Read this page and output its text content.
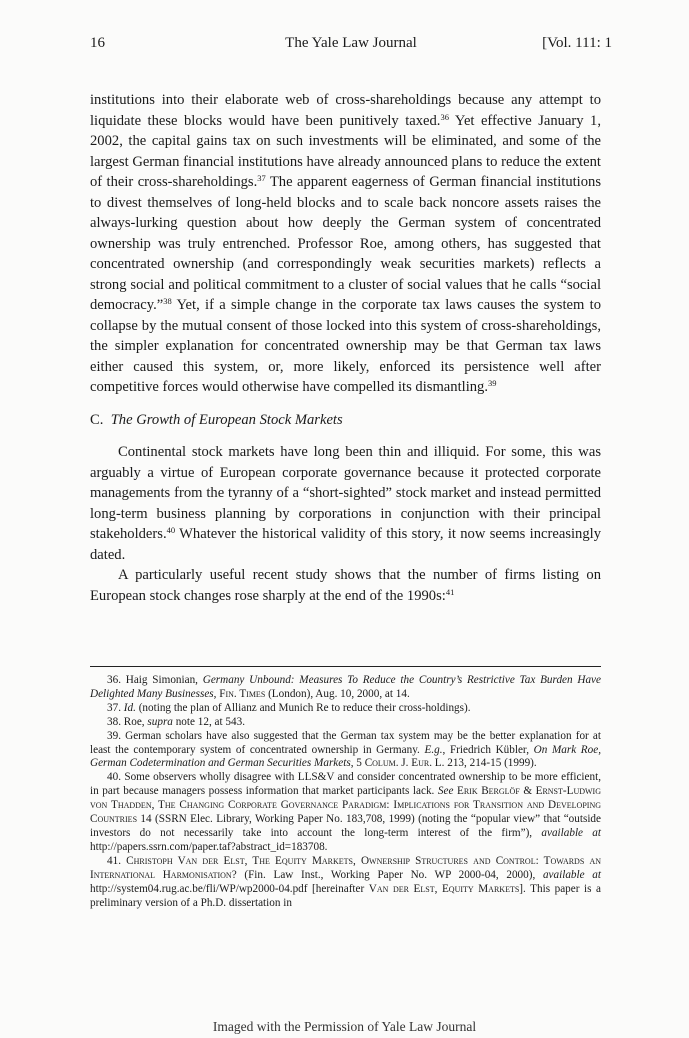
16	The Yale Law Journal	[Vol. 111: 1

institutions into their elaborate web of cross-shareholdings because any attempt to liquidate these blocks would have been punitively taxed.$^{36}$ Yet effective January 1, 2002, the capital gains tax on such investments will be eliminated, and some of the largest German financial institutions have already announced plans to reduce the extent of their cross-shareholdings.$^{37}$ The apparent eagerness of German financial institutions to divest themselves of long-held blocks and to scale back noncore assets raises the always-lurking question about how deeply the German system of concentrated ownership was truly entrenched. Professor Roe, among others, has suggested that concentrated ownership (and correspondingly weak securities markets) reflects a strong social and political commitment to a cluster of social values that he calls “social democracy.”$^{38}$ Yet, if a simple change in the corporate tax laws causes the system to collapse by the mutual consent of those locked into this system of cross-shareholdings, the simpler explanation for concentrated ownership may be that German tax laws either caused this system, or, more likely, enforced its persistence well after competitive forces would otherwise have compelled its dismantling.$^{39}$

C. The Growth of European Stock Markets

Continental stock markets have long been thin and illiquid. For some, this was arguably a virtue of European corporate governance because it protected corporate managements from the tyranny of a “short-sighted” stock market and instead permitted long-term business planning by corporations in conjunction with their principal stakeholders.$^{40}$ Whatever the historical validity of this story, it now seems increasingly dated.

A particularly useful recent study shows that the number of firms listing on European stock changes rose sharply at the end of the 1990s:$^{41}$

36. Haig Simonian, Germany Unbound: Measures To Reduce the Country’s Restrictive Tax Burden Have Delighted Many Businesses, Fin. Times (London), Aug. 10, 2000, at 14.

37. Id. (noting the plan of Allianz and Munich Re to reduce their cross-holdings).

38. Roe, supra note 12, at 543.

39. German scholars have also suggested that the German tax system may be the better explanation for at least the contemporary system of concentrated ownership in Germany. E.g., Friedrich Kübler, On Mark Roe, German Codetermination and German Securities Markets, 5 Colum. J. Eur. L. 213, 214-15 (1999).

40. Some observers wholly disagree with LLS&V and consider concentrated ownership to be more efficient, in part because managers possess information that market participants lack. See Erik Berglöf & Ernst-Ludwig von Thadden, The Changing Corporate Governance Paradigm: Implications for Transition and Developing Countries 14 (SSRN Elec. Library, Working Paper No. 183,708, 1999) (noting the “popular view” that “outside investors do not necessarily take into account the long-term interest of the firm”), available at http://papers.ssrn.com/paper.taf?abstract_id=183708.

41. Christoph Van der Elst, The Equity Markets, Ownership Structures and Control: Towards an International Harmonisation? (Fin. Law Inst., Working Paper No. WP 2000-04, 2000), available at http://system04.rug.ac.be/fli/WP/wp2000-04.pdf [hereinafter Van der Elst, Equity Markets]. This paper is a preliminary version of a Ph.D. dissertation in

Imaged with the Permission of Yale Law Journal
